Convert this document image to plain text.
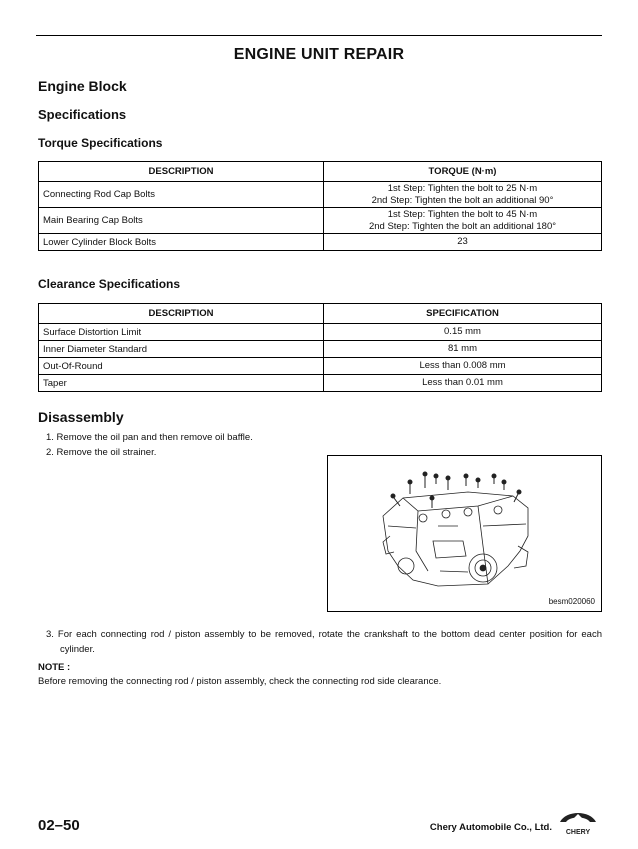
ENGINE UNIT REPAIR
Engine Block
Specifications
Torque Specifications
DESCRIPTION	TORQUE (N·m)
Connecting Rod Cap Bolts	1st Step: Tighten the bolt to 25 N·m
2nd Step: Tighten the bolt an additional 90°

Main Bearing Cap Bolts	1st Step: Tighten the bolt to 45 N·m
2nd Step: Tighten the bolt an additional 180°

Lower Cylinder Block Bolts	23
Clearance Specifications
DESCRIPTION	SPECIFICATION
Surface Distortion Limit	0.15 mm
Inner Diameter Standard	81 mm
Out-Of-Round	Less than 0.008 mm
Taper	Less than 0.01 mm
Disassembly
1. Remove the oil pan and then remove oil baffle.
2. Remove the oil strainer.
besm020060
3. For each connecting rod / piston assembly to be removed, rotate the crankshaft to the bottom dead center position for each cylinder.
NOTE :
Before removing the connecting rod / piston assembly, check the connecting rod side clearance.
02–50	Chery Automobile Co., Ltd. CHERY
